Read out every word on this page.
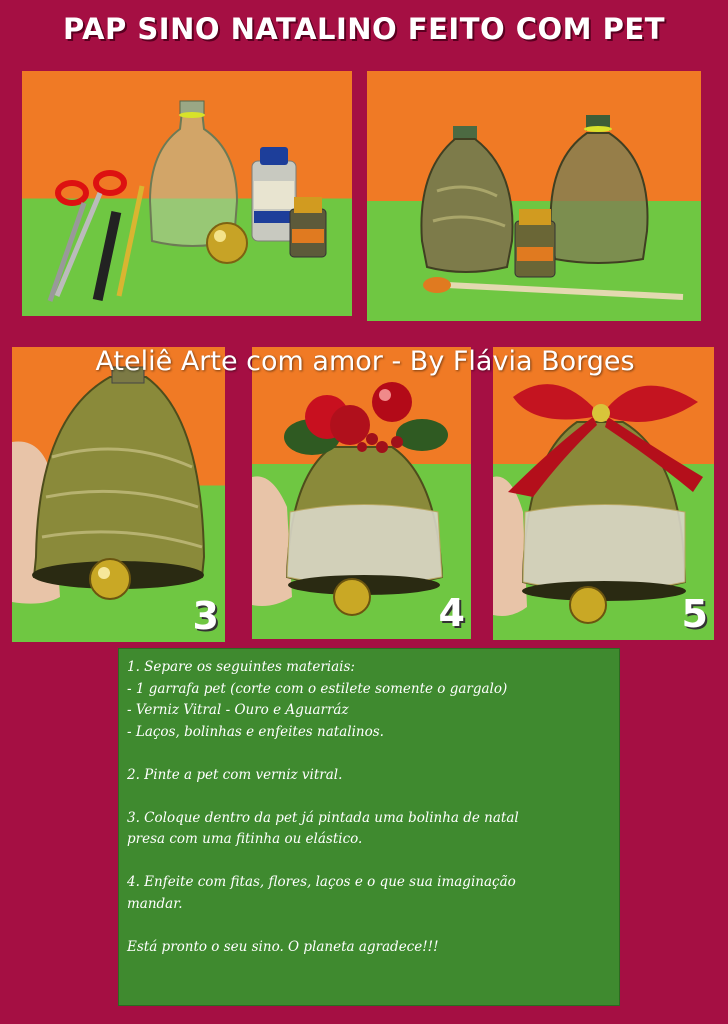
PAP SINO NATALINO FEITO COM PET
3	4	5
Ateliê Arte com amor - By Flávia Borges
1. Separe os seguintes materiais:
- 1 garrafa pet (corte com o estilete somente o gargalo)
- Verniz Vitral - Ouro e Aguarráz
- Laços, bolinhas e enfeites natalinos.
2. Pinte a pet com verniz vitral.
3. Coloque dentro da pet já pintada uma bolinha de natal
presa com uma fitinha ou elástico.
4. Enfeite com fitas, flores, laços e o que sua imaginação
mandar.
Está pronto o seu sino. O planeta agradece!!!
